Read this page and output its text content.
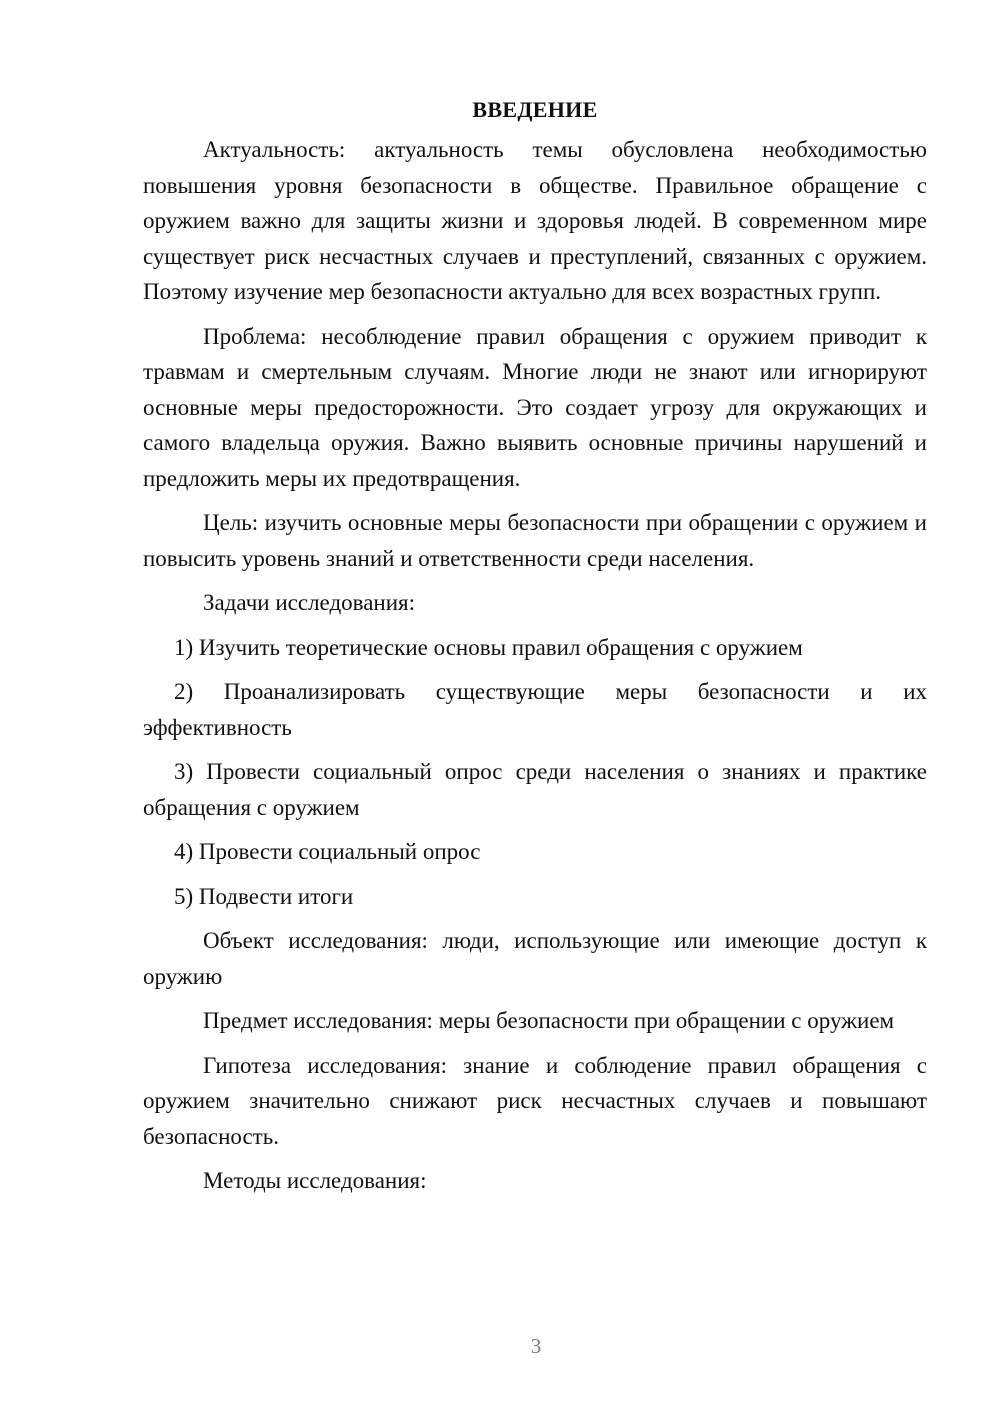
ВВЕДЕНИЕ

Актуальность: актуальность темы обусловлена необходимостью повышения уровня безопасности в обществе. Правильное обращение с оружием важно для защиты жизни и здоровья людей. В современном мире существует риск несчастных случаев и преступлений, связанных с оружием. Поэтому изучение мер безопасности актуально для всех возрастных групп.

Проблема: несоблюдение правил обращения с оружием приводит к травмам и смертельным случаям. Многие люди не знают или игнорируют основные меры предосторожности. Это создает угрозу для окружающих и самого владельца оружия. Важно выявить основные причины нарушений и предложить меры их предотвращения.

Цель: изучить основные меры безопасности при обращении с оружием и повысить уровень знаний и ответственности среди населения.

Задачи исследования:

1) Изучить теоретические основы правил обращения с оружием

2) Проанализировать существующие меры безопасности и их эффективность

3) Провести социальный опрос среди населения о знаниях и практике обращения с оружием

4) Провести социальный опрос

5) Подвести итоги

Объект исследования: люди, использующие или имеющие доступ к оружию

Предмет исследования: меры безопасности при обращении с оружием

Гипотеза исследования: знание и соблюдение правил обращения с оружием значительно снижают риск несчастных случаев и повышают безопасность.

Методы исследования:

3
